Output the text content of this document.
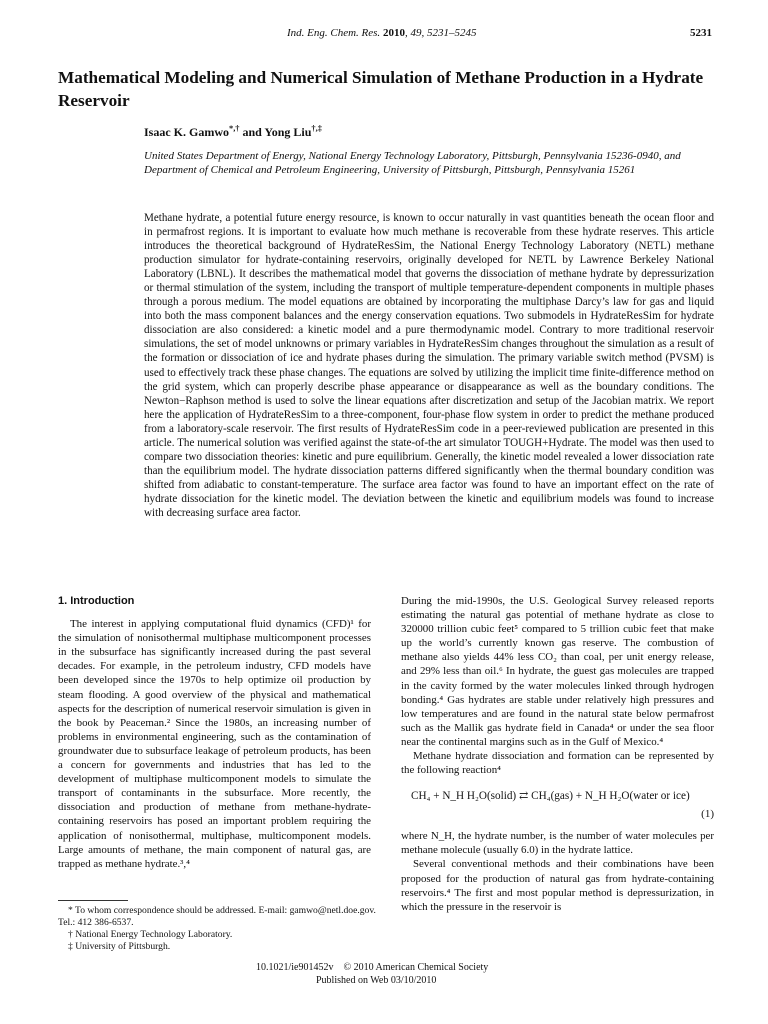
Ind. Eng. Chem. Res. 2010, 49, 5231–5245	5231
Mathematical Modeling and Numerical Simulation of Methane Production in a Hydrate Reservoir
Isaac K. Gamwo*,† and Yong Liu†,‡
United States Department of Energy, National Energy Technology Laboratory, Pittsburgh, Pennsylvania 15236-0940, and Department of Chemical and Petroleum Engineering, University of Pittsburgh, Pittsburgh, Pennsylvania 15261
Methane hydrate, a potential future energy resource, is known to occur naturally in vast quantities beneath the ocean floor and in permafrost regions. It is important to evaluate how much methane is recoverable from these hydrate reserves. This article introduces the theoretical background of HydrateResSim, the National Energy Technology Laboratory (NETL) methane production simulator for hydrate-containing reservoirs, originally developed for NETL by Lawrence Berkeley National Laboratory (LBNL). It describes the mathematical model that governs the dissociation of methane hydrate by depressurization or thermal stimulation of the system, including the transport of multiple temperature-dependent components in multiple phases through a porous medium. The model equations are obtained by incorporating the multiphase Darcy’s law for gas and liquid into both the mass component balances and the energy conservation equations. Two submodels in HydrateResSim for hydrate dissociation are also considered: a kinetic model and a pure thermodynamic model. Contrary to more traditional reservoir simulations, the set of model unknowns or primary variables in HydrateResSim changes throughout the simulation as a result of the formation or dissociation of ice and hydrate phases during the simulation. The primary variable switch method (PVSM) is used to effectively track these phase changes. The equations are solved by utilizing the implicit time finite-difference method on the grid system, which can properly describe phase appearance or disappearance as well as the boundary conditions. The Newton−Raphson method is used to solve the linear equations after discretization and setup of the Jacobian matrix. We report here the application of HydrateResSim to a three-component, four-phase flow system in order to predict the methane produced from a laboratory-scale reservoir. The first results of HydrateResSim code in a peer-reviewed publication are presented in this article. The numerical solution was verified against the state-of-the art simulator TOUGH+Hydrate. The model was then used to compare two dissociation theories: kinetic and pure equilibrium. Generally, the kinetic model revealed a lower dissociation rate than the equilibrium model. The hydrate dissociation patterns differed significantly when the thermal boundary condition was shifted from adiabatic to constant-temperature. The surface area factor was found to have an important effect on the rate of hydrate dissociation for the kinetic model. The deviation between the kinetic and equilibrium models was found to increase with decreasing surface area factor.
1. Introduction

The interest in applying computational fluid dynamics (CFD)¹ for the simulation of nonisothermal multiphase multicomponent processes in the subsurface has significantly increased during the past several decades. For example, in the petroleum industry, CFD models have been developed since the 1970s to help optimize oil production by steam flooding. A good overview of the physical and mathematical aspects for the description of numerical reservoir simulation is given in the book by Peaceman.² Since the 1980s, an increasing number of problems in environmental engineering, such as the contamination of groundwater due to subsurface leakage of petroleum products, has been a concern for governments and industries that has led to the development of multiphase multicomponent models to simulate the transport of contaminants in the subsurface. More recently, the dissociation and production of methane from methane-hydrate-containing reservoirs has posed an important problem requiring the application of nonisothermal, multiphase, multicomponent models. Large amounts of methane, the main component of natural gas, are trapped as methane hydrate.³,⁴

During the mid-1990s, the U.S. Geological Survey released reports estimating the natural gas potential of methane hydrate as close to 320000 trillion cubic feet⁵ compared to 5 trillion cubic feet that make up the world’s currently known gas reserve. The combustion of methane also yields 44% less CO₂ than coal, per unit energy release, and 29% less than oil.⁶ In hydrate, the guest gas molecules are trapped in the cavity formed by the water molecules linked through hydrogen bonding.⁴ Gas hydrates are stable under relatively high pressures and low temperatures and are found in the natural state below permafrost such as the Mallik gas hydrate field in Canada⁴ or under the sea floor near the continental margins such as in the Gulf of Mexico.⁴

Methane hydrate dissociation and formation can be represented by the following reaction⁴

CH₄ + N_H H₂O(solid) ⇄ CH₄(gas) + N_H H₂O(water or ice)
(1)

where N_H, the hydrate number, is the number of water molecules per methane molecule (usually 6.0) in the hydrate lattice.

Several conventional methods and their combinations have been proposed for the production of natural gas from hydrate-containing reservoirs.⁴ The first and most popular method is depressurization, in which the pressure in the reservoir is

* To whom correspondence should be addressed. E-mail: gamwo@netl.doe.gov. Tel.: 412 386-6537.
† National Energy Technology Laboratory.
‡ University of Pittsburgh.
10.1021/ie901452v © 2010 American Chemical Society
Published on Web 03/10/2010
